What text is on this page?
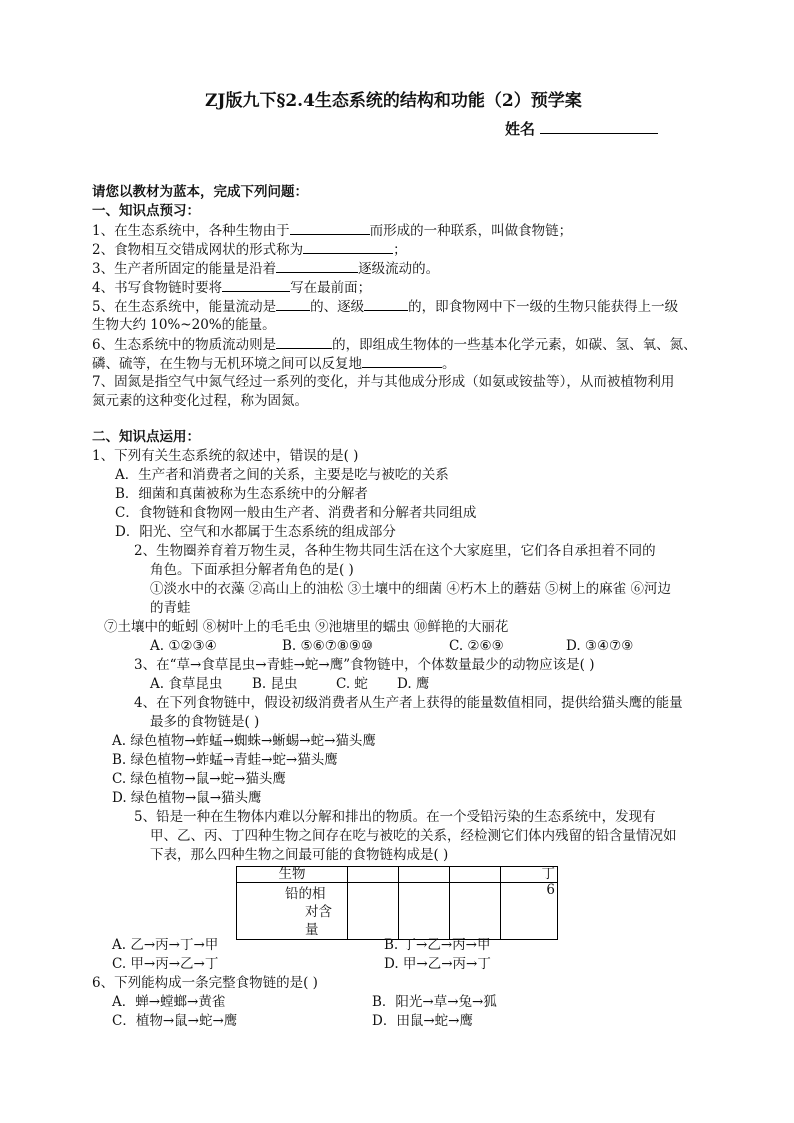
ZJ版九下§2.4生态系统的结构和功能（2）预学案
姓名
请您以教材为蓝本，完成下列问题：
一、知识点预习：
1、在生态系统中，各种生物由于	而形成的一种联系，叫做食物链；
2、食物相互交错成网状的形式称为	；
3、生产者所固定的能量是沿着	逐级流动的。
4、书写食物链时要将	写在最前面；
5、在生态系统中，能量流动是	的、逐级	的，即食物网中下一级的生物只能获得上一级
生物大约 10%~20%的能量。
6、生态系统中的物质流动则是	的，即组成生物体的一些基本化学元素，如碳、氢、氧、氮、
磷、硫等，在生物与无机环境之间可以反复地	。
7、固氮是指空气中氮气经过一系列的变化，并与其他成分形成（如氨或铵盐等），从而被植物利用
氮元素的这种变化过程，称为固氮。
二、知识点运用：
1、下列有关生态系统的叙述中，错误的是( )
A．生产者和消费者之间的关系，主要是吃与被吃的关系
B．细菌和真菌被称为生态系统中的分解者
C．食物链和食物网一般由生产者、消费者和分解者共同组成
D．阳光、空气和水都属于生态系统的组成部分
2、生物圈养育着万物生灵，各种生物共同生活在这个大家庭里，它们各自承担着不同的
角色。下面承担分解者角色的是( )
①淡水中的衣藻 ②高山上的油松 ③土壤中的细菌 ④朽木上的蘑菇 ⑤树上的麻雀 ⑥河边
的青蛙
⑦土壤中的蚯蚓 ⑧树叶上的毛毛虫 ⑨池塘里的蠕虫 ⑩鲜艳的大丽花
A. ①②③④	B. ⑤⑥⑦⑧⑨⑩	C. ②⑥⑨	D. ③④⑦⑨
3、在“草→食草昆虫→青蛙→蛇→鹰”食物链中，个体数量最少的动物应该是( )
A. 食草昆虫 B. 昆虫	C. 蛇 D. 鹰
4、在下列食物链中，假设初级消费者从生产者上获得的能量数值相同，提供给猫头鹰的能量
最多的食物链是( )
A. 绿色植物→蚱蜢→蜘蛛→蜥蜴→蛇→猫头鹰
B. 绿色植物→蚱蜢→青蛙→蛇→猫头鹰
C. 绿色植物→鼠→蛇→猫头鹰
D. 绿色植物→鼠→猫头鹰
5、铅是一种在生物体内难以分解和排出的物质。在一个受铅污染的生态系统中，发现有
甲、乙、丙、丁四种生物之间存在吃与被吃的关系，经检测它们体内残留的铅含量情况如
下表，那么四种生物之间最可能的食物链构成是( )
生物				丁

铅的相
对含
量				6
A. 乙→丙→丁→甲	B. 丁→乙→丙→甲
C. 甲→丙→乙→丁	D. 甲→乙→丙→丁
6、下列能构成一条完整食物链的是( )
A．蝉→螳螂→黄雀	B．阳光→草→兔→狐
C．植物→鼠→蛇→鹰	D．田鼠→蛇→鹰
